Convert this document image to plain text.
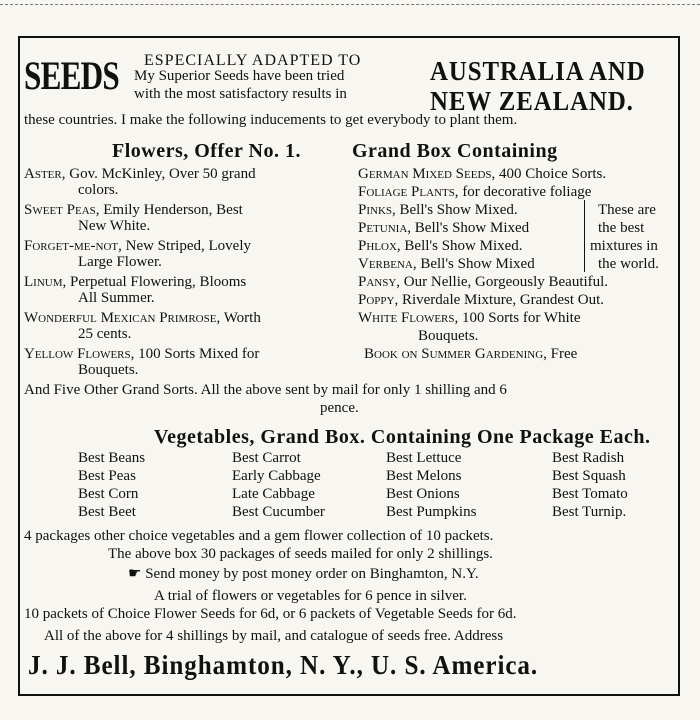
SEEDS ESPECIALLY ADAPTED TO
My Superior Seeds have been tried
with the most satisfactory results in
AUSTRALIA AND
NEW ZEALAND.
these countries. I make the following inducements to get everybody to plant them.
Flowers, Offer No. 1.	Grand Box Containing
Aster, Gov. McKinley, Over 50 grand
colors.
Sweet Peas, Emily Henderson, Best
New White.
Forget-me-not, New Striped, Lovely
Large Flower.
Linum, Perpetual Flowering, Blooms
All Summer.
Wonderful Mexican Primrose, Worth
25 cents.
Yellow Flowers, 100 Sorts Mixed for
Bouquets.
German Mixed Seeds, 400 Choice Sorts.
Foliage Plants, for decorative foliage
Pinks, Bell's Show Mixed.
Petunia, Bell's Show Mixed
Phlox, Bell's Show Mixed.
Verbena, Bell's Show Mixed
Pansy, Our Nellie, Gorgeously Beautiful.
Poppy, Riverdale Mixture, Grandest Out.
White Flowers, 100 Sorts for White
Bouquets.
Book on Summer Gardening, Free
These are
the best
mixtures in
the world.
And Five Other Grand Sorts. All the above sent by mail for only 1 shilling and 6
pence.
Vegetables, Grand Box. Containing One Package Each.
Best Beans
Best Peas
Best Corn
Best Beet
Best Carrot
Early Cabbage
Late Cabbage
Best Cucumber
Best Lettuce
Best Melons
Best Onions
Best Pumpkins
Best Radish
Best Squash
Best Tomato
Best Turnip.
4 packages other choice vegetables and a gem flower collection of 10 packets.
The above box 30 packages of seeds mailed for only 2 shillings.
☛ Send money by post money order on Binghamton, N.Y.
A trial of flowers or vegetables for 6 pence in silver.
10 packets of Choice Flower Seeds for 6d, or 6 packets of Vegetable Seeds for 6d.
All of the above for 4 shillings by mail, and catalogue of seeds free. Address
J. J. Bell, Binghamton, N. Y., U. S. America.
